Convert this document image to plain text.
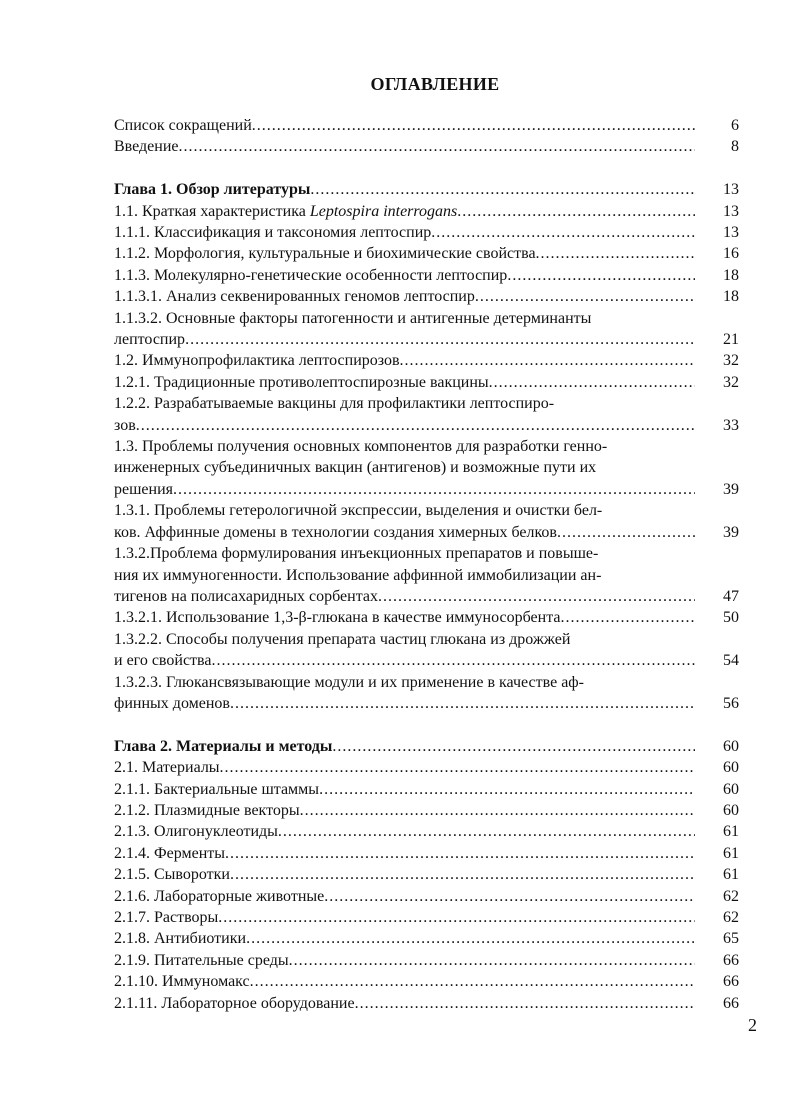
ОГЛАВЛЕНИЕ
Список сокращений .....	6
Введение .....	8
Глава 1. Обзор литературы .....	13
1.1. Краткая характеристика Leptospira interrogans .....	13
1.1.1. Классификация и таксономия лептоспир .....	13
1.1.2. Морфология, культуральные и биохимические свойства .....	16
1.1.3. Молекулярно-генетические особенности лептоспир .....	18
1.1.3.1. Анализ секвенированных геномов лептоспир .....	18
1.1.3.2. Основные факторы патогенности и антигенные детерминанты
лептоспир .....	21
1.2. Иммунопрофилактика лептоспирозов .....	32
1.2.1. Традиционные противолептоспирозные вакцины .....	32
1.2.2. Разрабатываемые вакцины для профилактики лептоспиро-
зов .....	33
1.3. Проблемы получения основных компонентов для разработки генно-
инженерных субъединичных вакцин (антигенов) и возможные пути их
решения .....	39
1.3.1. Проблемы гетерологичной экспрессии, выделения и очистки бел-
ков. Аффинные домены в технологии создания химерных белков .....	39
1.3.2.Проблема формулирования инъекционных препаратов и повыше-
ния их иммуногенности. Использование аффинной иммобилизации ан-
тигенов на полисахаридных сорбентах .....	47
1.3.2.1. Использование 1,3-β-глюкана в качестве иммуносорбента .....	50
1.3.2.2. Способы получения препарата частиц глюкана из дрожжей
и его свойства .....	54
1.3.2.3. Глюкансвязывающие модули и их применение в качестве аф-
финных доменов .....	56
Глава 2. Материалы и методы .....	60
2.1. Материалы .....	60
2.1.1. Бактериальные штаммы .....	60
2.1.2. Плазмидные векторы .....	60
2.1.3. Олигонуклеотиды .....	61
2.1.4. Ферменты .....	61
2.1.5. Сыворотки .....	61
2.1.6. Лабораторные животные .....	62
2.1.7. Растворы .....	62
2.1.8. Антибиотики .....	65
2.1.9. Питательные среды .....	66
2.1.10. Иммуномакс .....	66
2.1.11. Лабораторное оборудование .....	66
2
